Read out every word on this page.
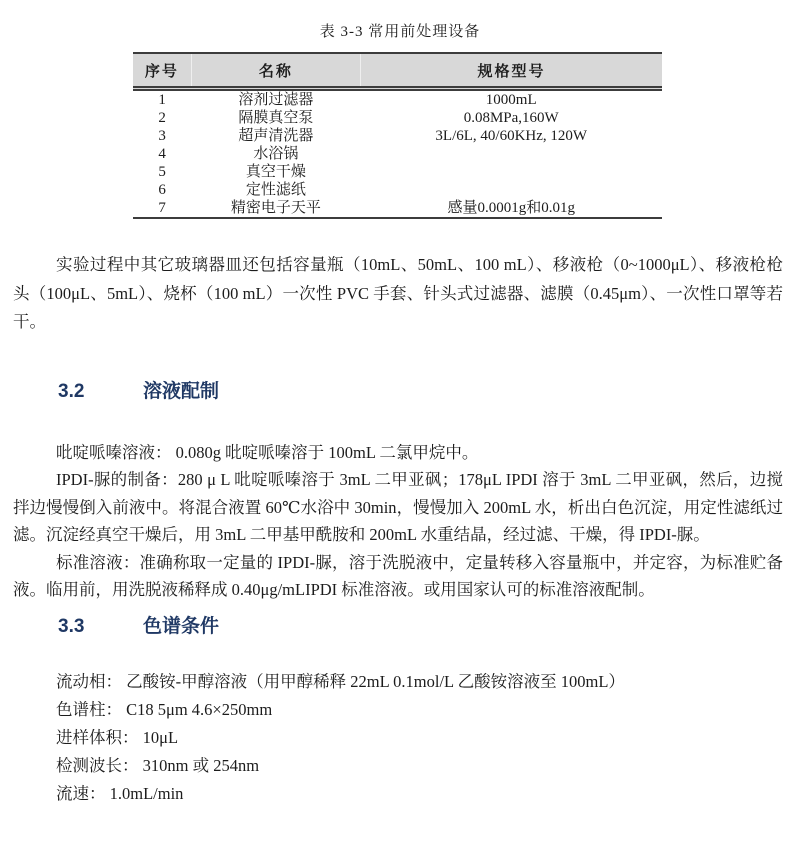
表 3-3 常用前处理设备
序号	名称	规格型号
1	溶剂过滤器	1000mL
2	隔膜真空泵	0.08MPa,160W
3	超声清洗器	3L/6L, 40/60KHz, 120W
4	水浴锅	
5	真空干燥	
6	定性滤纸	
7	精密电子天平	感量0.0001g和0.01g

实验过程中其它玻璃器皿还包括容量瓶（10mL、50mL、100 mL）、移液枪（0~1000μL）、移液枪枪头（100μL、5mL）、烧杯（100 mL）一次性 PVC 手套、针头式过滤器、滤膜（0.45μm）、一次性口罩等若干。

3.2	溶液配制

吡啶哌嗪溶液： 0.080g 吡啶哌嗪溶于 100mL 二氯甲烷中。

IPDI-脲的制备：280 μ L 吡啶哌嗪溶于 3mL 二甲亚砜；178μL IPDI 溶于 3mL 二甲亚砜，然后，边搅拌边慢慢倒入前液中。将混合液置 60℃水浴中 30min，慢慢加入 200mL 水，析出白色沉淀，用定性滤纸过滤。沉淀经真空干燥后，用 3mL 二甲基甲酰胺和 200mL 水重结晶，经过滤、干燥，得 IPDI-脲。

标准溶液：准确称取一定量的 IPDI-脲，溶于洗脱液中，定量转移入容量瓶中，并定容，为标准贮备液。临用前，用洗脱液稀释成 0.40μg/mLIPDI 标准溶液。或用国家认可的标准溶液配制。

3.3	色谱条件
流动相： 乙酸铵-甲醇溶液（用甲醇稀释 22mL 0.1mol/L 乙酸铵溶液至 100mL）
色谱柱： C18 5μm 4.6×250mm
进样体积： 10μL
检测波长： 310nm 或 254nm
流速： 1.0mL/min
